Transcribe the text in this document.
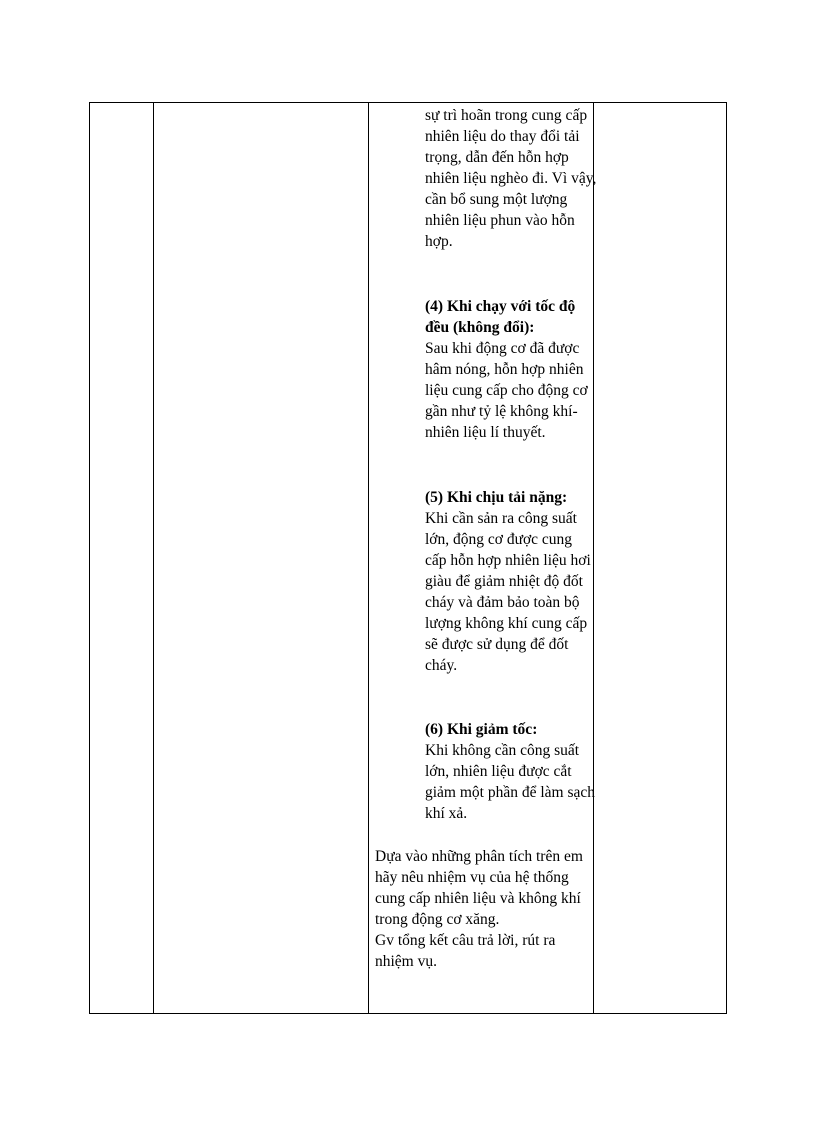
sự trì hoãn trong cung cấp nhiên liệu do thay đổi tải trọng, dẫn đến hỗn hợp nhiên liệu nghèo đi. Vì vậy, cần bổ sung một lượng nhiên liệu phun vào hỗn hợp.

(4) Khi chạy với tốc độ đều (không đổi):

Sau khi động cơ đã được hâm nóng, hỗn hợp nhiên liệu cung cấp cho động cơ gần như tỷ lệ không khí-nhiên liệu lí thuyết.

(5) Khi chịu tải nặng:

Khi cần sản ra công suất lớn, động cơ được cung cấp hỗn hợp nhiên liệu hơi giàu để giảm nhiệt độ đốt cháy và đảm bảo toàn bộ lượng không khí cung cấp sẽ được sử dụng để đốt cháy.

(6) Khi giảm tốc:

Khi không cần công suất lớn, nhiên liệu được cắt giảm một phần để làm sạch khí xả.

Dựa vào những phân tích trên em hãy nêu nhiệm vụ của hệ thống cung cấp nhiên liệu và không khí trong động cơ xăng.

Gv tổng kết câu trả lời, rút ra nhiệm vụ.
